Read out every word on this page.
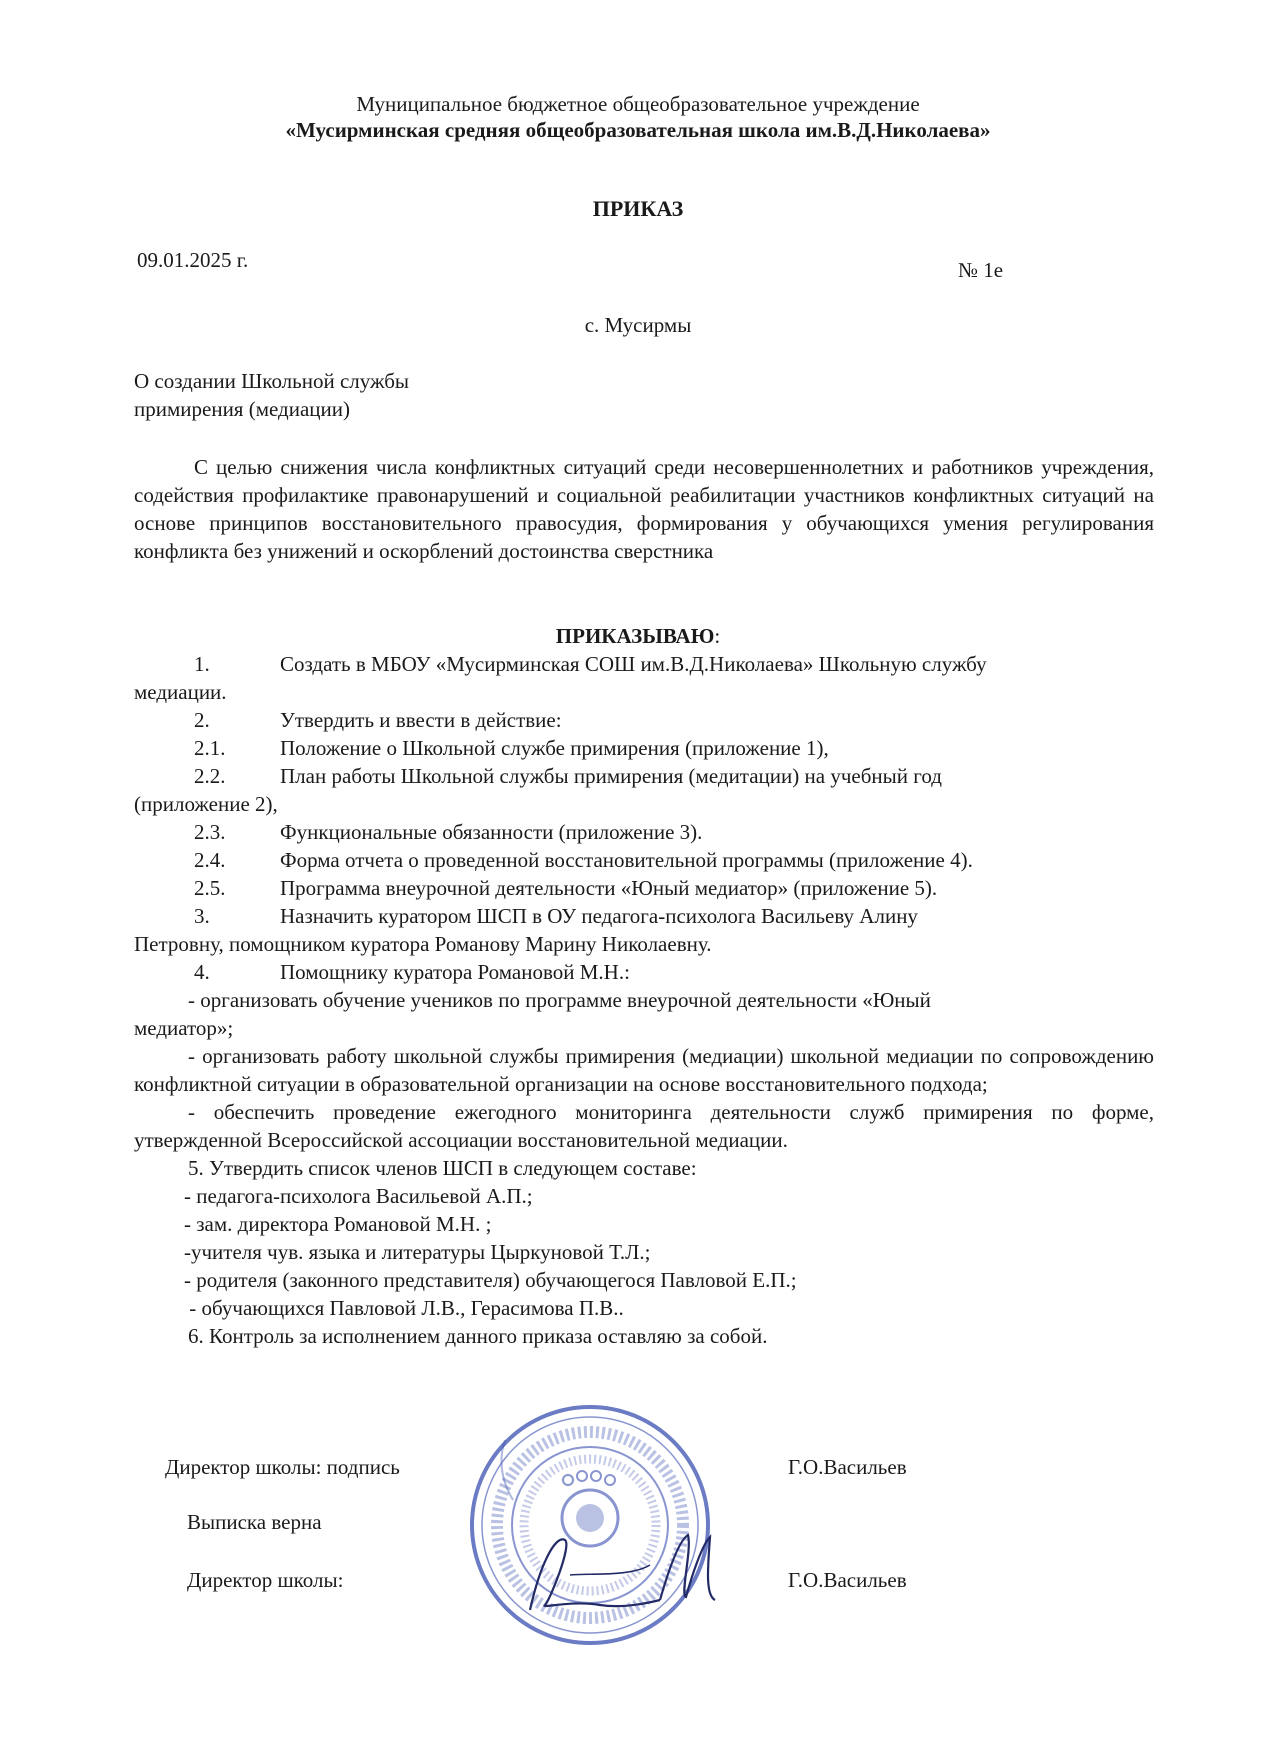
Муниципальное бюджетное общеобразовательное учреждение
«Мусирминская средняя общеобразовательная школа им.В.Д.Николаева»
ПРИКАЗ
09.01.2025 г.	№ 1е
с. Мусирмы
О создании Школьной службы
примирения (медиации)
С целью снижения числа конфликтных ситуаций среди несовершеннолетних и работников учреждения, содействия профилактике правонарушений и социальной реабилитации участников конфликтных ситуаций на основе принципов восстановительного правосудия, формирования у обучающихся умения регулирования конфликта без унижений и оскорблений достоинства сверстника
ПРИКАЗЫВАЮ:
1.	Создать в МБОУ «Мусирминская СОШ им.В.Д.Николаева» Школьную службу
медиации.
2.	Утвердить и ввести в действие:
2.1.	Положение о Школьной службе примирения (приложение 1),
2.2.	План работы Школьной службы примирения (медитации) на учебный год
(приложение 2),
2.3.	Функциональные обязанности (приложение 3).
2.4.	Форма отчета о проведенной восстановительной программы (приложение 4).
2.5.	Программа внеурочной деятельности «Юный медиатор» (приложение 5).
3.	Назначить куратором ШСП в ОУ педагога-психолога Васильеву Алину
Петровну, помощником куратора Романову Марину Николаевну.
4.	Помощнику куратора Романовой М.Н.:
- организовать обучение учеников по программе внеурочной деятельности «Юный
медиатор»;
- организовать работу школьной службы примирения (медиации) школьной медиации по сопровождению конфликтной ситуации в образовательной организации на основе восстановительного подхода;
- обеспечить проведение ежегодного мониторинга деятельности служб примирения по форме, утвержденной Всероссийской ассоциации восстановительной медиации.
5. Утвердить список членов ШСП в следующем составе:
- педагога-психолога Васильевой А.П.;
- зам. директора Романовой М.Н. ;
-учителя чув. языка и литературы Цыркуновой Т.Л.;
- родителя (законного представителя) обучающегося Павловой Е.П.;
- обучающихся Павловой Л.В., Герасимова П.В..
6. Контроль за исполнением данного приказа оставляю за собой.
Директор школы: подпись	Г.О.Васильев
Выписка верна
Директор школы:	Г.О.Васильев
